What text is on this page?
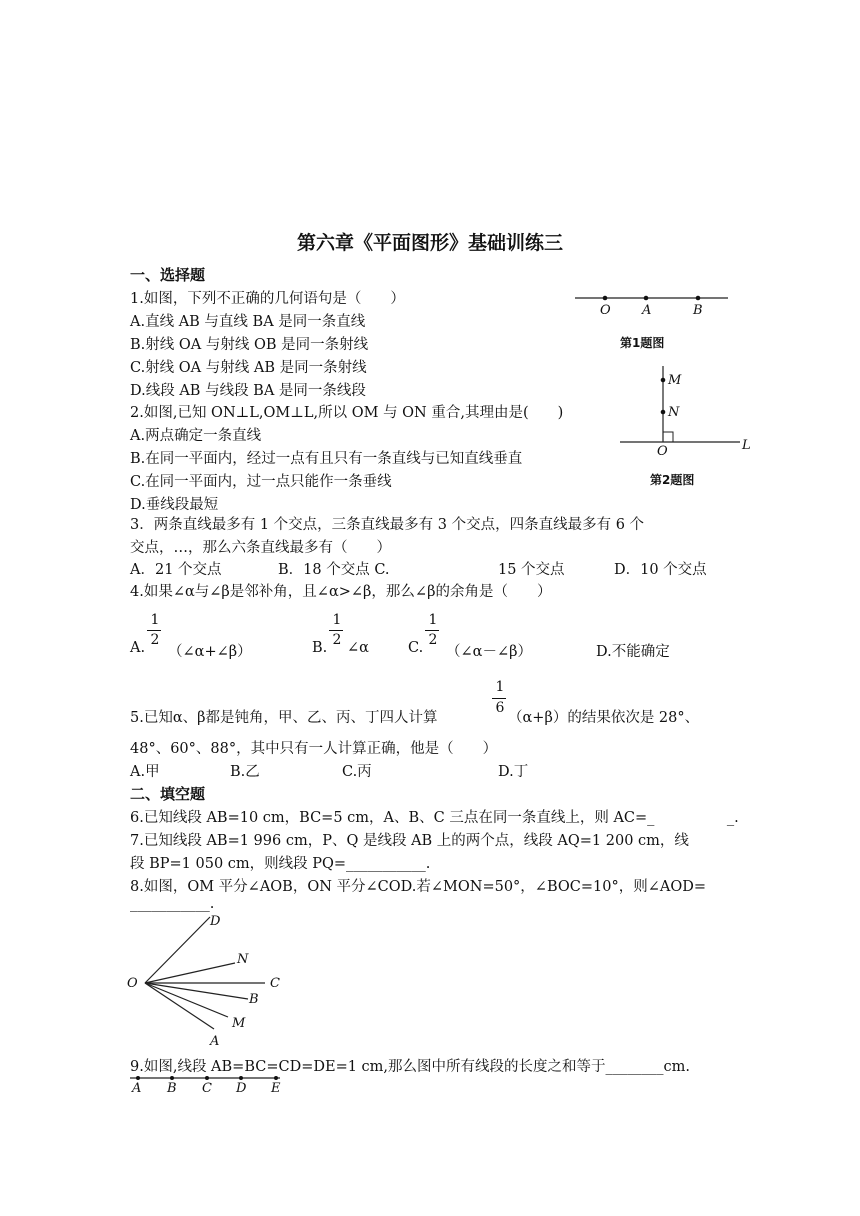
第六章《平面图形》基础训练三
一、选择题
1.如图，下列不正确的几何语句是（　　）
A.直线 AB 与直线 BA 是同一条直线
B.射线 OA 与射线 OB 是同一条射线
C.射线 OA 与射线 AB 是同一条射线
D.线段 AB 与线段 BA 是同一条线段
2.如图,已知 ON⊥L,OM⊥L,所以 OM 与 ON 重合,其理由是(　　)
A.两点确定一条直线
B.在同一平面内，经过一点有且只有一条直线与已知直线垂直
C.在同一平面内，过一点只能作一条垂线
D.垂线段最短
O A	B
第1题图
M
N
O	L
第2题图
3．两条直线最多有 1 个交点，三条直线最多有 3 个交点，四条直线最多有 6 个
交点，…，那么六条直线最多有（　　）
A．21 个交点	B．18 个交点 C.	15 个交点	D．10 个交点
4.如果∠α与∠β是邻补角，且∠α>∠β，那么∠β的余角是（　　）
A.
1
2
（∠α+∠β）	B.
1
2 ∠α	C.
1
2
（∠α－∠β）	D.不能确定
5.已知α、β都是钝角，甲、乙、丙、丁四人计算
1
6
（α+β）的结果依次是 28°、
48°、60°、88°，其中只有一人计算正确，他是（　　）
A.甲	B.乙	C.丙	D.丁
二、填空题
6.已知线段 AB=10 cm，BC=5 cm，A、B、C 三点在同一条直线上，则 AC=_　　　　　_.
7.已知线段 AB=1 996 cm，P、Q 是线段 AB 上的两个点，线段 AQ=1 200 cm，线
段 BP=1 050 cm，则线段 PQ=___________.
8.如图，OM 平分∠AOB，ON 平分∠COD.若∠MON=50°，∠BOC=10°，则∠AOD=
___________.
O
D
N
C
B
M
A
9.如图,线段 AB=BC=CD=DE=1 cm,那么图中所有线段的长度之和等于________cm.
A B C D E
